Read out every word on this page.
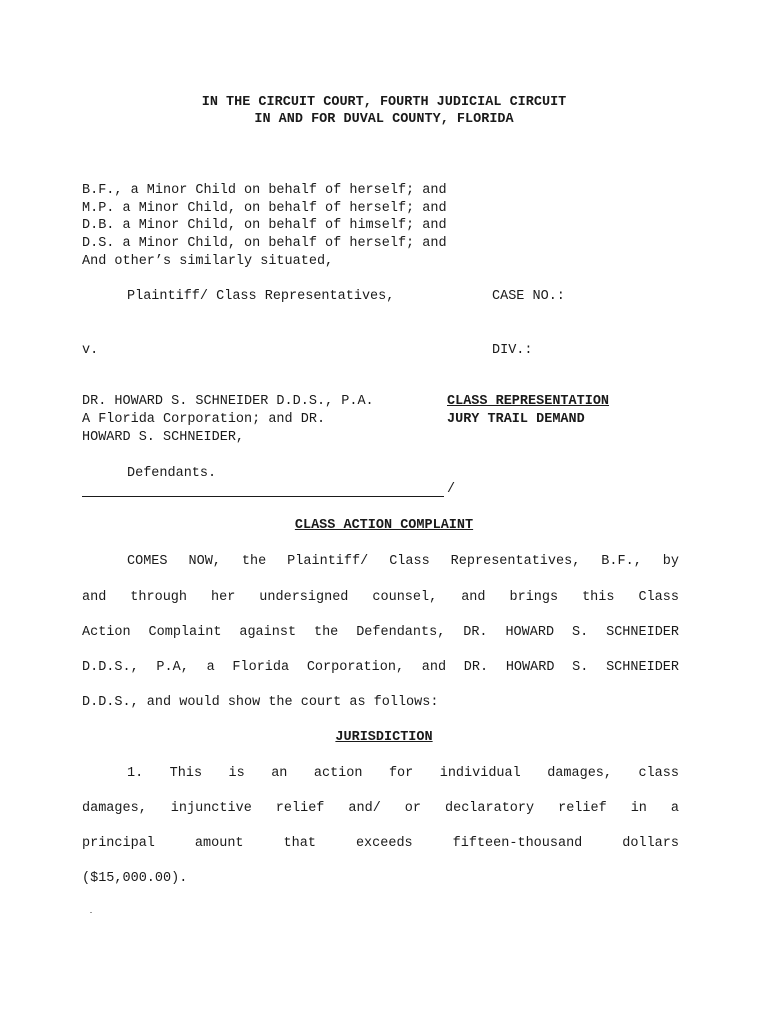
IN THE CIRCUIT COURT, FOURTH JUDICIAL CIRCUIT
IN AND FOR DUVAL COUNTY, FLORIDA
B.F., a Minor Child on behalf of herself; and
M.P. a Minor Child, on behalf of herself; and
D.B. a Minor Child, on behalf of himself; and
D.S. a Minor Child, on behalf of herself; and
And other’s similarly situated,
Plaintiff/ Class Representatives,	CASE NO.:
v.	DIV.:
DR. HOWARD S. SCHNEIDER D.D.S., P.A.
A Florida Corporation; and DR.
HOWARD S. SCHNEIDER,
CLASS REPRESENTATION
JURY TRAIL DEMAND
Defendants.
/
CLASS ACTION COMPLAINT
COMES NOW, the Plaintiff/ Class Representatives, B.F., by
and through her undersigned counsel, and brings this Class
Action Complaint against the Defendants, DR. HOWARD S. SCHNEIDER
D.D.S., P.A, a Florida Corporation, and DR. HOWARD S. SCHNEIDER
D.D.S., and would show the court as follows:
JURISDICTION
1. This is an action for individual damages, class
damages, injunctive relief and/ or declaratory relief in a
principal amount that exceeds fifteen-thousand dollars
($15,000.00).
